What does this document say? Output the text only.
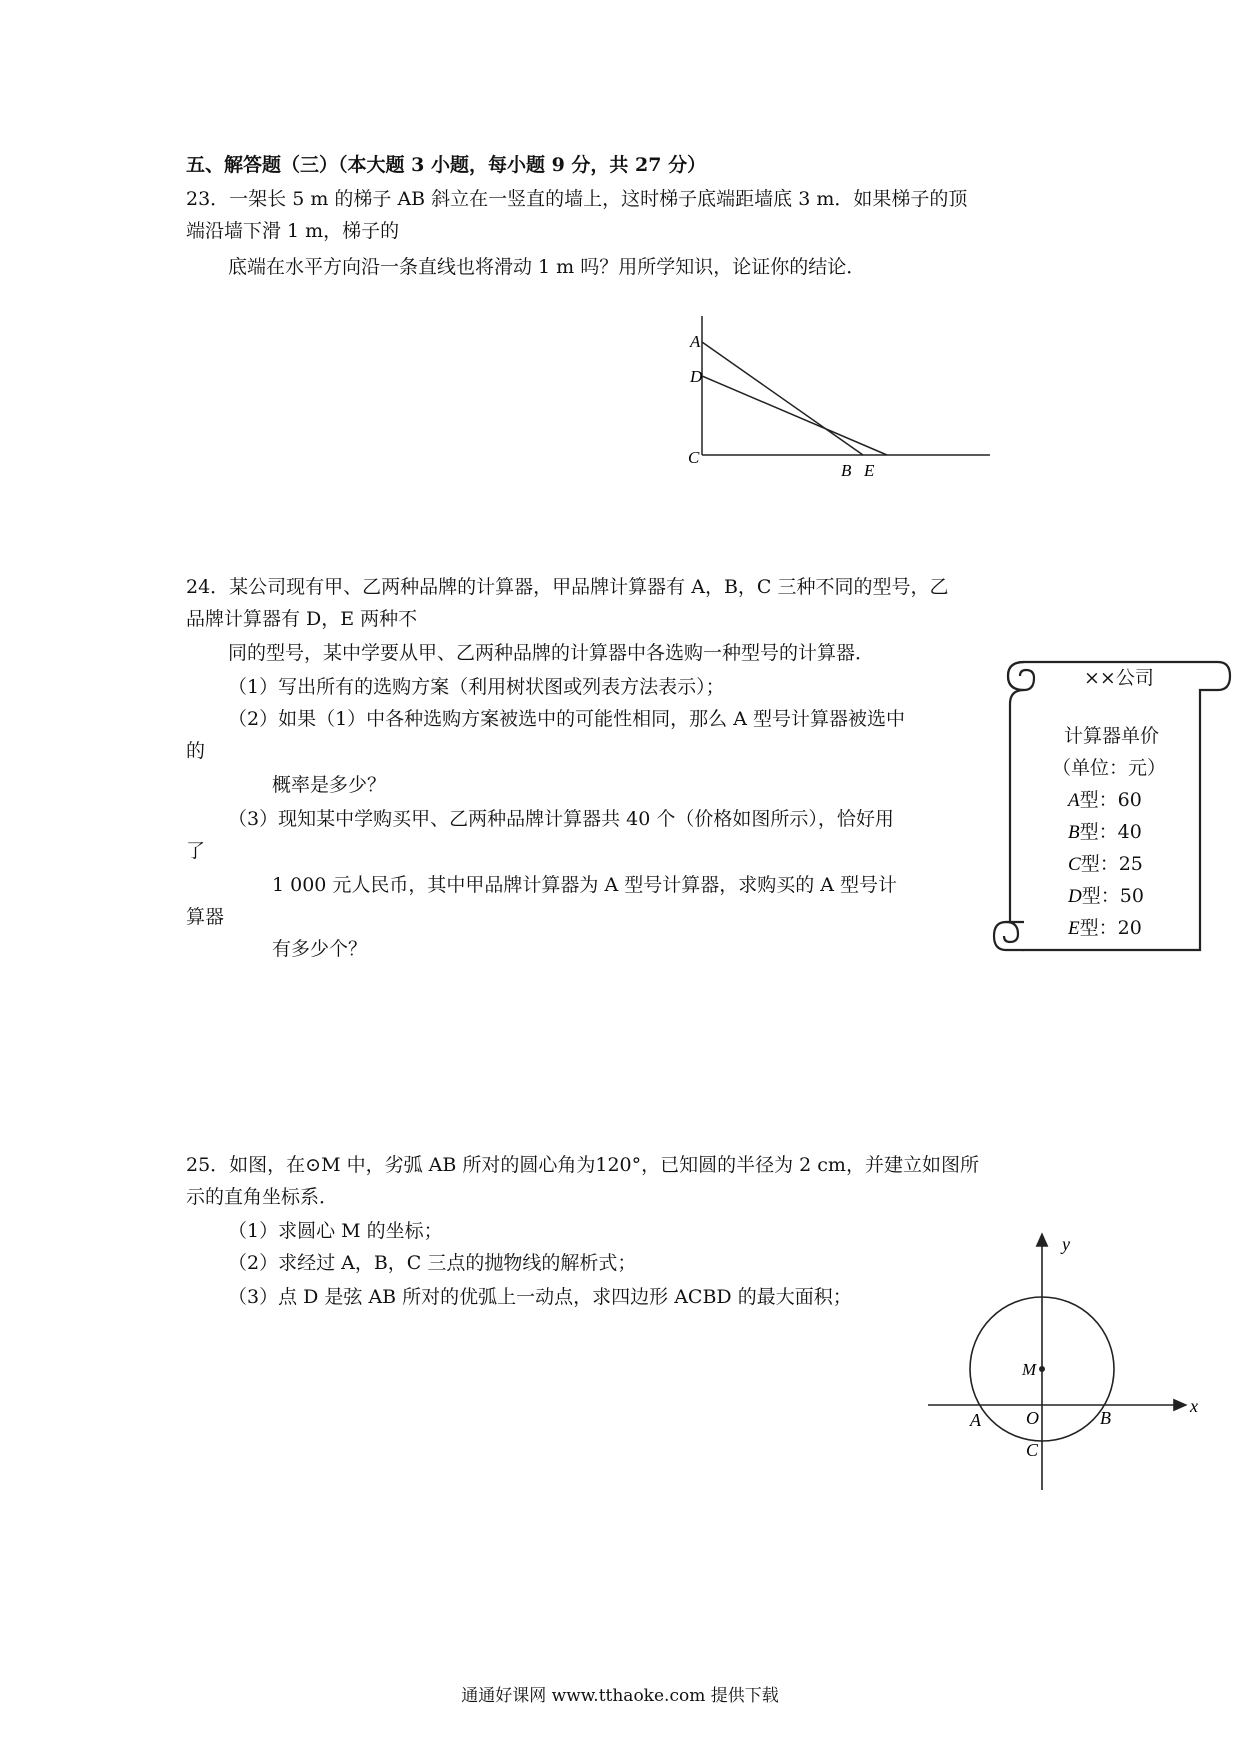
五、解答题（三）（本大题 3 小题，每小题 9 分，共 27 分）
23．一架长 5 m 的梯子 AB 斜立在一竖直的墙上，这时梯子底端距墙底 3 m．如果梯子的顶
端沿墙下滑 1 m，梯子的
底端在水平方向沿一条直线也将滑动 1 m 吗？用所学知识，论证你的结论．
A
D
C
B E
24．某公司现有甲、乙两种品牌的计算器，甲品牌计算器有 A，B，C 三种不同的型号，乙
品牌计算器有 D，E 两种不
同的型号，某中学要从甲、乙两种品牌的计算器中各选购一种型号的计算器．
（1）写出所有的选购方案（利用树状图或列表方法表示）；
（2）如果（1）中各种选购方案被选中的可能性相同，那么 A 型号计算器被选中
的
概率是多少？
（3）现知某中学购买甲、乙两种品牌计算器共 40 个（价格如图所示），恰好用
了
1 000 元人民币，其中甲品牌计算器为 A 型号计算器，求购买的 A 型号计
算器
有多少个？
××公司
计算器单价
（单位：元）
A型：60
B型：40
C型：25
D型：50
E型：20
25．如图，在⊙M 中，劣弧 AB 所对的圆心角为120°，已知圆的半径为 2 cm，并建立如图所
示的直角坐标系．
（1）求圆心 M 的坐标；
（2）求经过 A，B，C 三点的抛物线的解析式；
（3）点 D 是弦 AB 所对的优弧上一动点，求四边形 ACBD 的最大面积；
y
x
M
A	O	B
C
通通好课网 www.tthaoke.com 提供下载
